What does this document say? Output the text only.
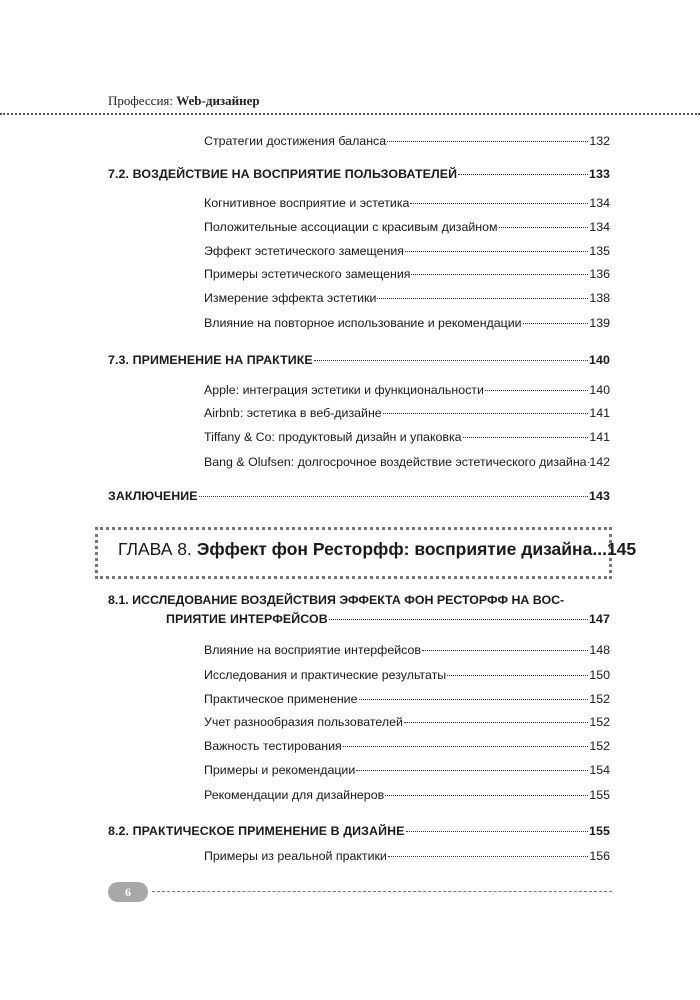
Профессия: Web-дизайнер
Стратегии достижения баланса	132
7.2. ВОЗДЕЙСТВИЕ НА ВОСПРИЯТИЕ ПОЛЬЗОВАТЕЛЕЙ	133
Когнитивное восприятие и эстетика	134
Положительные ассоциации с красивым дизайном	134
Эффект эстетического замещения	135
Примеры эстетического замещения	136
Измерение эффекта эстетики	138
Влияние на повторное использование и рекомендации	139
7.3. ПРИМЕНЕНИЕ НА ПРАКТИКЕ	140
Apple: интеграция эстетики и функциональности	140
Airbnb: эстетика в веб-дизайне	141
Tiffany & Co: продуктовый дизайн и упаковка	141
Bang & Olufsen: долгосрочное воздействие эстетического дизайна 142
ЗАКЛЮЧЕНИЕ	143
ГЛАВА 8. Эффект фон Ресторфф: восприятие дизайна ... 145
8.1. ИССЛЕДОВАНИЕ ВОЗДЕЙСТВИЯ ЭФФЕКТА ФОН РЕСТОРФФ НА ВОС-
ПРИЯТИЕ ИНТЕРФЕЙСОВ	147
Влияние на восприятие интерфейсов	148
Исследования и практические результаты	150
Практическое применение	152
Учет разнообразия пользователей	152
Важность тестирования	152
Примеры и рекомендации	154
Рекомендации для дизайнеров	155
8.2. ПРАКТИЧЕСКОЕ ПРИМЕНЕНИЕ В ДИЗАЙНЕ	155
Примеры из реальной практики	156
6
